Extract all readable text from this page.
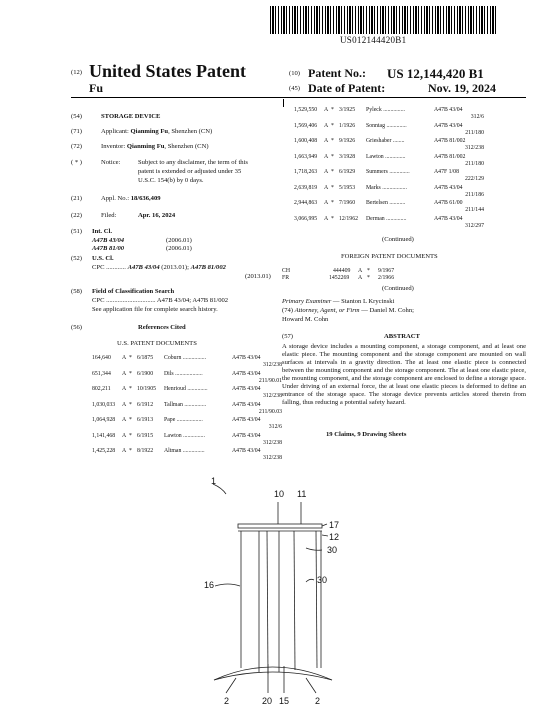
US012144420B1
(12) United States Patent
Fu
(10) Patent No.: US 12,144,420 B1
(45) Date of Patent:	Nov. 19, 2024
(54)	STORAGE DEVICE
(71)	Applicant: Qianming Fu, Shenzhen (CN)
(72)	Inventor: Qianming Fu, Shenzhen (CN)
( * )	Notice:	Subject to any disclaimer, the term of this
patent is extended or adjusted under 35
U.S.C. 154(b) by 0 days.
(21)	Appl. No.: 18/636,409
(22)	Filed:	Apr. 16, 2024
(51) Int. Cl.
A47B 43/04	(2006.01)
A47B 81/00	(2006.01)
(52) U.S. Cl.
CPC ............ A47B 43/04 (2013.01); A47B 81/002
(2013.01)
(58) Field of Classification Search
CPC .............................. A47B 43/04; A47B 81/002
See application file for complete search history.
(56)	References Cited
U.S. PATENT DOCUMENTS
164,640 A * 6/1875 Coburn ................	A47B 43/04
312/238
651,344 A * 6/1900 Dils ...................	A47B 43/04
211/90.01
802,211 A * 10/1905 Henrioud ..............	A47B 43/04
312/238
1,030,033 A * 6/1912 Tallman ...............	A47B 43/04
211/90.03
1,064,928 A * 6/1913 Pape ..................	A47B 43/04
312/6
1,141,468 A * 6/1915 Lawton ...............	A47B 43/04
312/238
1,425,228 A * 8/1922 Altman ...............	A47B 43/04
312/238
1,529,550 A * 3/1925 Pyleck ...............	A47B 43/04
312/6
1,569,406 A * 1/1926 Sonntag ..............	A47B 43/04
211/180
1,600,408 A * 9/1926 Grieshaber ........	A47B 81/002
312/238
1,663,949 A * 3/1928 Lawton ..............	A47B 81/002
211/180
1,718,263 A * 6/1929 Summers ..............	A47F 1/08
222/129
2,639,819 A * 5/1953 Marks .................	A47B 43/04
211/186
2,944,863 A * 7/1960 Bertelsen ...........	A47B 61/00
211/144
3,066,995 A * 12/1962 Derman ..............	A47B 43/04
312/297
(Continued)
FOREIGN PATENT DOCUMENTS
CH	444409 A * 9/1967
FR	1452269 A * 2/1966
(Continued)
Primary Examiner — Stanton L Krycinski
(74) Attorney, Agent, or Firm — Daniel M. Cohn;
Howard M. Cohn
(57)	ABSTRACT
A storage device includes a mounting component, a storage component, and at least one elastic piece. The mounting component and the storage component are mounted on wall surfaces at intervals in a gravity direction. The at least one elastic piece is connected between the mounting component and the storage component. The at least one elastic piece, the mounting component, and the storage component are enclosed to define a storage space. Under driving of an external force, the at least one elastic pieces is deformed to define an entrance of the storage space. The storage device prevents articles stored therein from falling, thus reducing a potential safety hazard.
19 Claims, 9 Drawing Sheets
1
10 11
17
12
30
16	30
2	20 15	2
